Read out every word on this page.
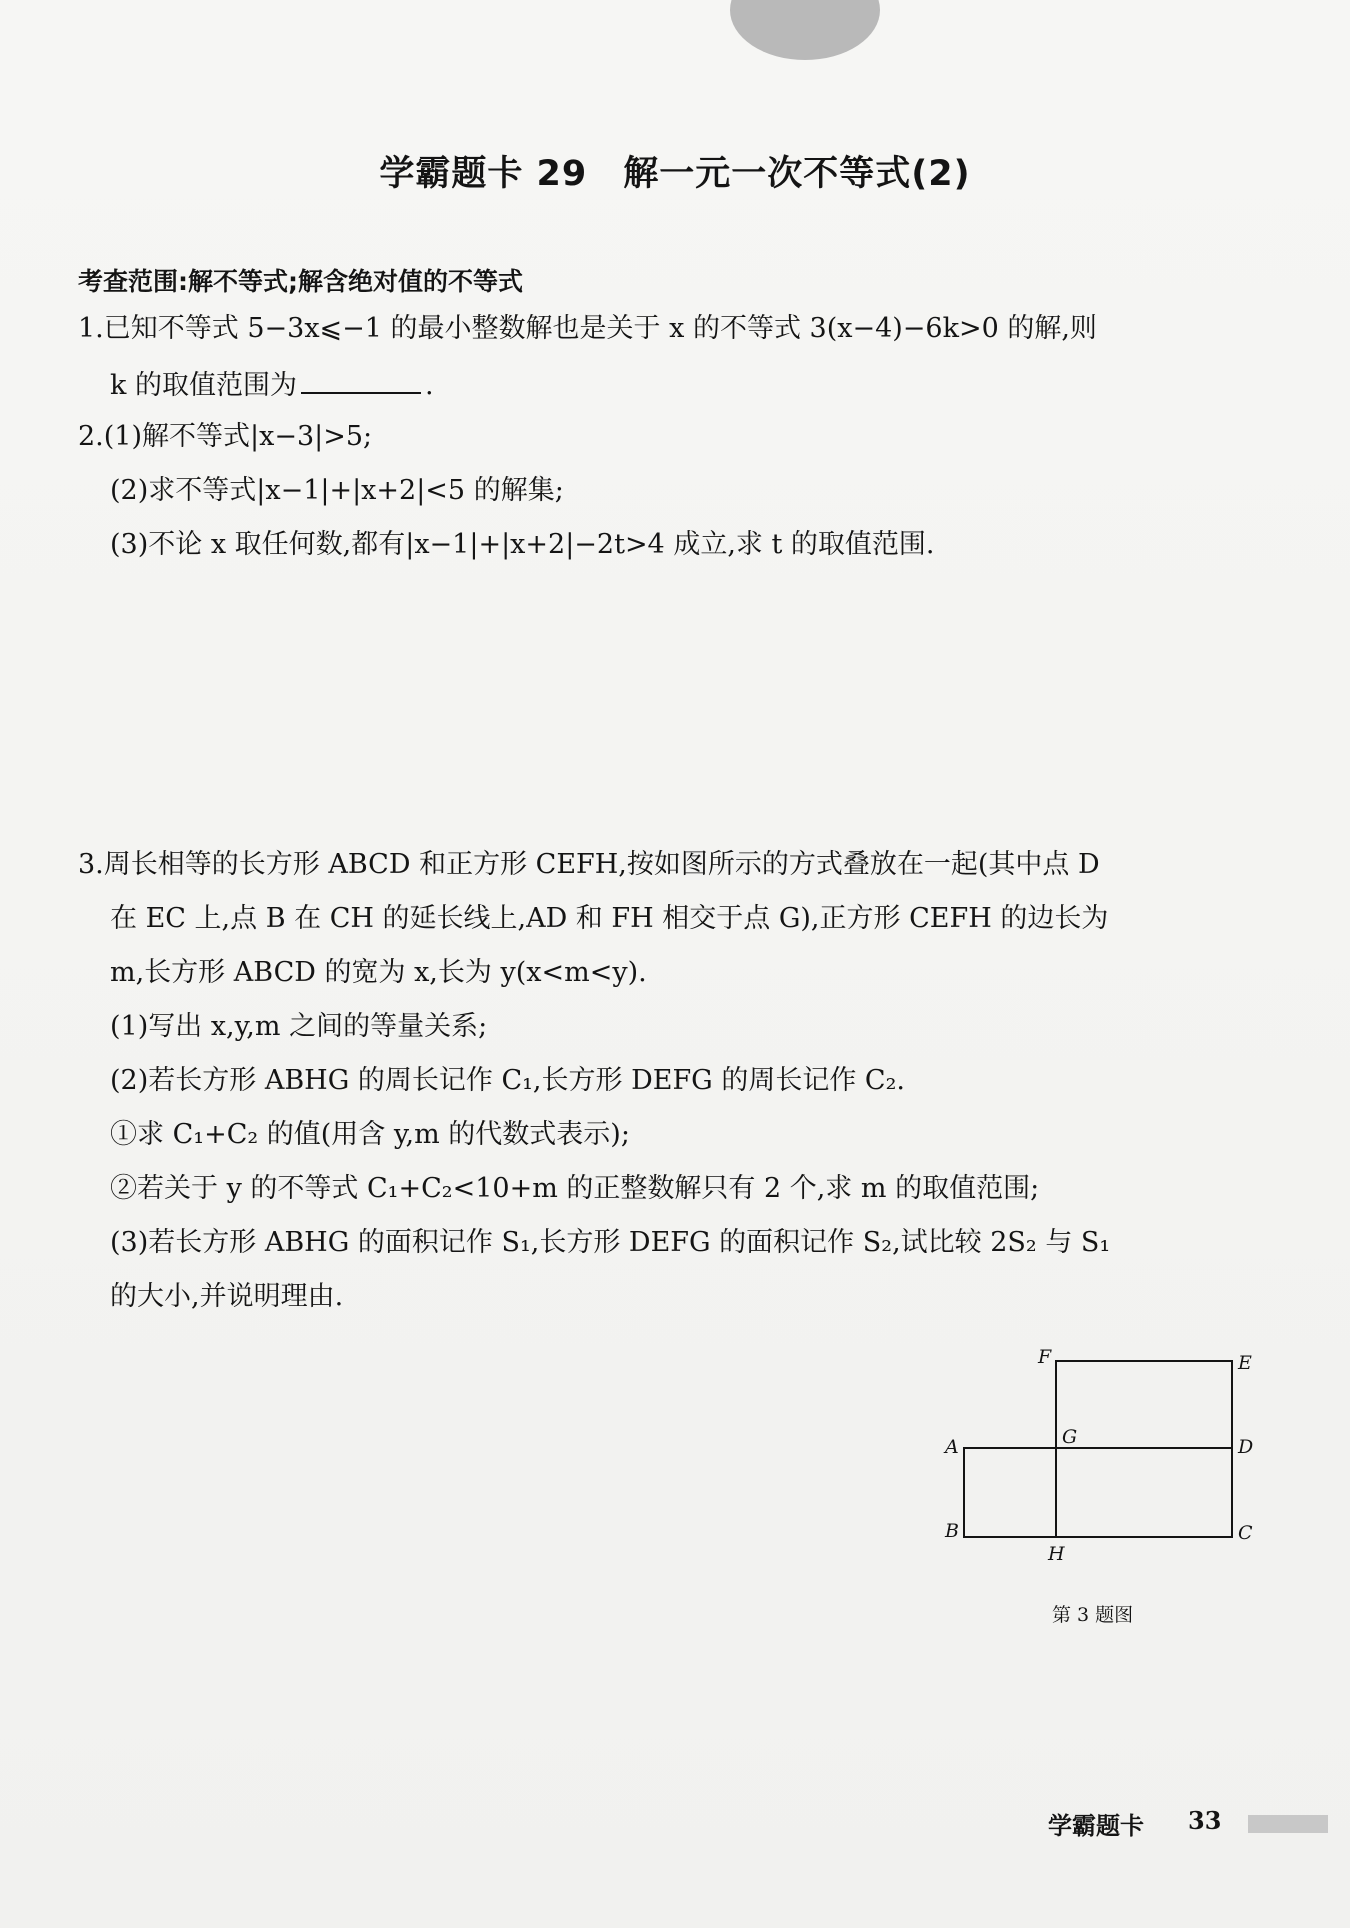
学霸题卡 29　解一元一次不等式(2)
考查范围:解不等式;解含绝对值的不等式
1.已知不等式 5−3x⩽−1 的最小整数解也是关于 x 的不等式 3(x−4)−6k>0 的解,则
k 的取值范围为	.
2.(1)解不等式|x−3|>5;
(2)求不等式|x−1|+|x+2|<5 的解集;
(3)不论 x 取任何数,都有|x−1|+|x+2|−2t>4 成立,求 t 的取值范围.
3.周长相等的长方形 ABCD 和正方形 CEFH,按如图所示的方式叠放在一起(其中点 D
在 EC 上,点 B 在 CH 的延长线上,AD 和 FH 相交于点 G),正方形 CEFH 的边长为
m,长方形 ABCD 的宽为 x,长为 y(x<m<y).
(1)写出 x,y,m 之间的等量关系;
(2)若长方形 ABHG 的周长记作 C₁,长方形 DEFG 的周长记作 C₂.
①求 C₁+C₂ 的值(用含 y,m 的代数式表示);
②若关于 y 的不等式 C₁+C₂<10+m 的正整数解只有 2 个,求 m 的取值范围;
(3)若长方形 ABHG 的面积记作 S₁,长方形 DEFG 的面积记作 S₂,试比较 2S₂ 与 S₁
的大小,并说明理由.
F	E
G
A	D
B
H
C
第 3 题图
学霸题卡 33
